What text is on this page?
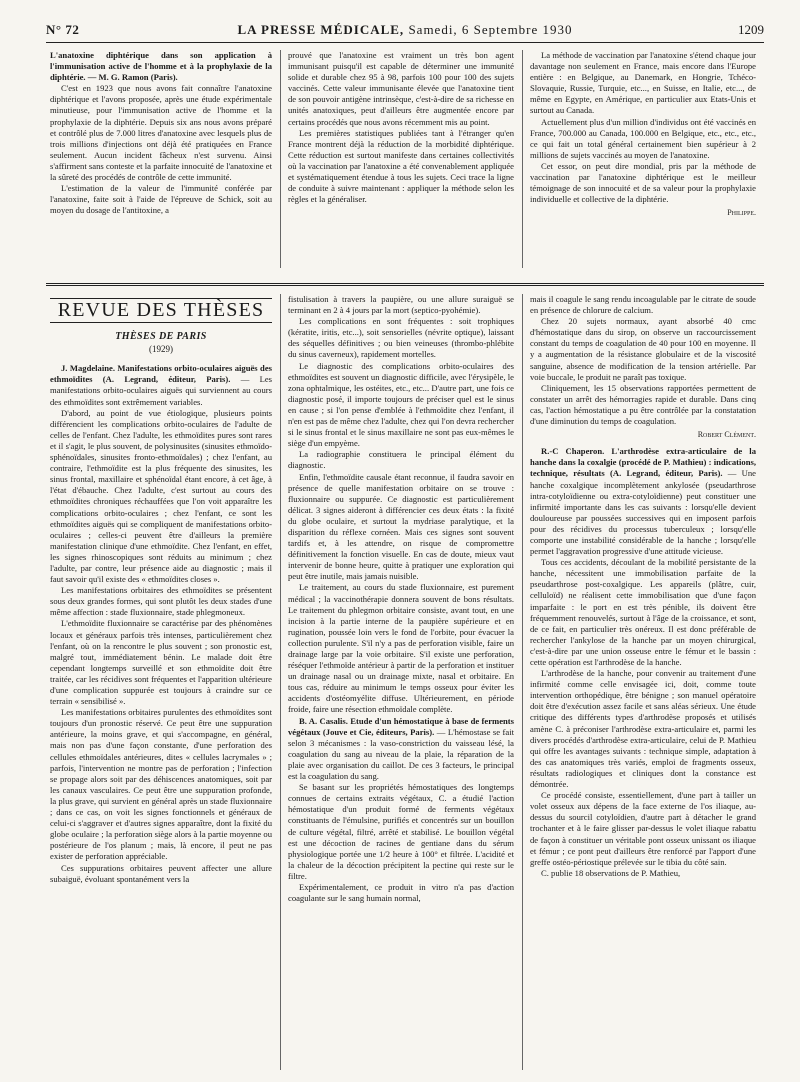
N° 72	LA PRESSE MÉDICALE, Samedi, 6 Septembre 1930	1209

L'anatoxine diphtérique dans son application à l'immunisation active de l'homme et à la prophylaxie de la diphtérie. — M. G. Ramon (Paris).

C'est en 1923 que nous avons fait connaître l'anatoxine diphtérique et l'avons proposée, après une étude expérimentale minutieuse, pour l'immunisation active de l'homme et la prophylaxie de la diphtérie. Depuis six ans nous avons préparé et contrôlé plus de 7.000 litres d'anatoxine avec lesquels plus de trois millions d'injections ont déjà été pratiquées en France seulement. Aucun incident fâcheux n'est survenu. Ainsi s'affirment sans conteste et la parfaite innocuité de l'anatoxine et la sûreté des procédés de contrôle de cette immunité.

L'estimation de la valeur de l'immunité conférée par l'anatoxine, faite soit à l'aide de l'épreuve de Schick, soit au moyen du dosage de l'antitoxine, a

prouvé que l'anatoxine est vraiment un très bon agent immunisant puisqu'il est capable de déterminer une immunité solide et durable chez 95 à 98, parfois 100 pour 100 des sujets vaccinés. Cette valeur immunisante élevée que l'anatoxine tient de son pouvoir antigène intrinsèque, c'est-à-dire de sa richesse en unités anatoxiques, peut d'ailleurs être augmentée encore par certains procédés que nous avons récemment mis au point.

Les premières statistiques publiées tant à l'étranger qu'en France montrent déjà la réduction de la morbidité diphtérique. Cette réduction est surtout manifeste dans certaines collectivités où la vaccination par l'anatoxine a été convenablement appliquée et systématiquement étendue à tous les sujets. Ceci trace la ligne de conduite à suivre maintenant : appliquer la méthode selon les règles et la généraliser.

La méthode de vaccination par l'anatoxine s'étend chaque jour davantage non seulement en France, mais encore dans l'Europe entière : en Belgique, au Danemark, en Hongrie, Tchéco-Slovaquie, Russie, Turquie, etc..., en Suisse, en Italie, etc..., de même en Egypte, en Amérique, en particulier aux Etats-Unis et surtout au Canada.

Actuellement plus d'un million d'individus ont été vaccinés en France, 700.000 au Canada, 100.000 en Belgique, etc., etc., etc., ce qui fait un total général certainement bien supérieur à 2 millions de sujets vaccinés au moyen de l'anatoxine.

Cet essor, on peut dire mondial, pris par la méthode de vaccination par l'anatoxine diphtérique est le meilleur témoignage de son innocuité et de sa valeur pour la prophylaxie individuelle et collective de la diphtérie.

Philippe.
REVUE DES THÈSES
THÈSES DE PARIS
(1929)

J. Magdelaine. Manifestations orbito-oculaires aiguës des ethmoïdites (A. Legrand, éditeur, Paris). — Les manifestations orbito-oculaires aiguës qui surviennent au cours des ethmoïdites sont extrêmement variables.

D'abord, au point de vue étiologique, plusieurs points différencient les complications orbito-oculaires de l'adulte de celles de l'enfant. Chez l'adulte, les ethmoïdites pures sont rares et il s'agit, le plus souvent, de polysinusites (sinusites ethmoïdo-sphénoïdales, sinusites fronto-ethmoïdales) ; chez l'enfant, au contraire, l'ethmoïdite est la plus fréquente des sinusites, les sinus frontal, maxillaire et sphénoïdal étant encore, à cet âge, à l'état d'ébauche. Chez l'adulte, c'est surtout au cours des ethmoïdites chroniques réchauffées que l'on voit apparaître les complications orbito-oculaires ; chez l'enfant, ce sont les ethmoïdites aiguës qui se compliquent de manifestations orbito-oculaires ; celles-ci peuvent être d'ailleurs la première manifestation clinique d'une ethmoïdite. Chez l'enfant, en effet, les signes rhinoscopiques sont réduits au minimum ; chez l'adulte, par contre, leur présence aide au diagnostic ; mais il faut savoir qu'il existe des « ethmoïdites closes ».

Les manifestations orbitaires des ethmoïdites se présentent sous deux grandes formes, qui sont plutôt les deux stades d'une même affection : stade fluxionnaire, stade phlegmoneux.

L'ethmoïdite fluxionnaire se caractérise par des phénomènes locaux et généraux parfois très intenses, particulièrement chez l'enfant, où on la rencontre le plus souvent ; son pronostic est, malgré tout, immédiatement bénin. Le malade doit être cependant longtemps surveillé et son ethmoïdite doit être traitée, car les récidives sont fréquentes et l'apparition ultérieure d'une complication suppurée est toujours à craindre sur ce terrain « sensibilisé ».

Les manifestations orbitaires purulentes des ethmoïdites sont toujours d'un pronostic réservé. Ce peut être une suppuration antérieure, la moins grave, et qui s'accompagne, en général, mais non pas d'une façon constante, d'une perforation des cellules ethmoïdales antérieures, dites « cellules lacrymales » ; parfois, l'intervention ne montre pas de perforation ; l'infection se propage alors soit par des déhiscences anatomiques, soit par les canaux vasculaires. Ce peut être une suppuration profonde, la plus grave, qui survient en général après un stade fluxionnaire ; dans ce cas, on voit les signes fonctionnels et généraux de celui-ci s'aggraver et d'autres signes apparaître, dont la fixité du globe oculaire ; la perforation siège alors à la partie moyenne ou postérieure de l'os planum ; mais, là encore, il peut ne pas exister de perforation appréciable.

Ces suppurations orbitaires peuvent affecter une allure subaiguë, évoluant spontanément vers la

fistulisation à travers la paupière, ou une allure suraiguë se terminant en 2 à 4 jours par la mort (septico-pyohémie).

Les complications en sont fréquentes : soit trophiques (kératite, iritis, etc...), soit sensorielles (névrite optique), laissant des séquelles définitives ; ou bien veineuses (thrombo-phlébite du sinus caverneux), rapidement mortelles.

Le diagnostic des complications orbito-oculaires des ethmoïdites est souvent un diagnostic difficile, avec l'érysipèle, le zona ophtalmique, les ostéites, etc., etc... D'autre part, une fois ce diagnostic posé, il importe toujours de préciser quel est le sinus en cause ; si l'on pense d'emblée à l'ethmoïdite chez l'enfant, il n'en est pas de même chez l'adulte, chez qui l'on devra rechercher si le sinus frontal et le sinus maxillaire ne sont pas eux-mêmes le siège d'un empyème.

La radiographie constituera le principal élément du diagnostic.

Enfin, l'ethmoïdite causale étant reconnue, il faudra savoir en présence de quelle manifestation orbitaire on se trouve : fluxionnaire ou suppurée. Ce diagnostic est particulièrement délicat. 3 signes aideront à différencier ces deux états : la fixité du globe oculaire, et surtout la mydriase paralytique, et la disparition du réflexe cornéen. Mais ces signes sont souvent tardifs et, à les attendre, on risque de compromettre définitivement la fonction visuelle. En cas de doute, mieux vaut intervenir de bonne heure, quitte à pratiquer une exploration qui peut être inutile, mais jamais nuisible.

Le traitement, au cours du stade fluxionnaire, est purement médical ; la vaccinothérapie donnera souvent de bons résultats. Le traitement du phlegmon orbitaire consiste, avant tout, en une incision à la partie interne de la paupière supérieure et en rugination, poussée loin vers le fond de l'orbite, pour évacuer la collection purulente. S'il n'y a pas de perforation visible, faire un drainage large par la voie orbitaire. S'il existe une perforation, réséquer l'ethmoïde antérieur à partir de la perforation et instituer un drainage nasal ou un drainage mixte, nasal et orbitaire. En tous cas, réduire au minimum le temps osseux pour éviter les accidents d'ostéomyélite diffuse. Ultérieurement, en période froide, faire une résection ethmoïdale complète.

B. A. Casalis. Etude d'un hémostatique à base de ferments végétaux (Jouve et Cie, éditeurs, Paris). — L'hémostase se fait selon 3 mécanismes : la vaso-constriction du vaisseau lésé, la coagulation du sang au niveau de la plaie, la réparation de la plaie avec organisation du caillot. De ces 3 facteurs, le principal est la coagulation du sang.

Se basant sur les propriétés hémostatiques des longtemps connues de certains extraits végétaux, C. a étudié l'action hémostatique d'un produit formé de ferments végétaux constituants de l'émulsine, purifiés et concentrés sur un bouillon de culture végétal, filtré, arrêté et stabilisé. Le bouillon végétal est une décoction de racines de gentiane dans du sérum physiologique portée une 1/2 heure à 100° et filtrée. L'acidité et la chaleur de la décoction précipitent la pectine qui reste sur le filtre.

Expérimentalement, ce produit in vitro n'a pas d'action coagulante sur le sang humain normal,

mais il coagule le sang rendu incoagulable par le citrate de soude en présence de chlorure de calcium.

Chez 20 sujets normaux, ayant absorbé 40 cmc d'hémostatique dans du sirop, on observe un raccourcissement constant du temps de coagulation de 40 pour 100 en moyenne. Il y a augmentation de la résistance globulaire et de la viscosité sanguine, absence de modification de la tension artérielle. Par voie buccale, le produit ne paraît pas toxique.

Cliniquement, les 15 observations rapportées permettent de constater un arrêt des hémorragies rapide et durable. Dans cinq cas, l'action hémostatique a pu être contrôlée par la constatation d'une diminution du temps de coagulation.

Robert Clément.

R.-C Chaperon. L'arthrodèse extra-articulaire de la hanche dans la coxalgie (procédé de P. Mathieu) : indications, technique, résultats (A. Legrand, éditeur, Paris). — Une hanche coxalgique incomplètement ankylosée (pseudarthrose intra-cotyloïdienne ou extra-cotyloïdienne) peut constituer une infirmité importante dans les cas suivants : lorsqu'elle devient douloureuse par poussées successives qui en imposent parfois pour des récidives du processus tuberculeux ; lorsqu'elle comporte une instabilité considérable de la hanche ; lorsqu'elle permet l'aggravation progressive d'une attitude vicieuse.

Tous ces accidents, découlant de la mobilité persistante de la hanche, nécessitent une immobilisation parfaite de la pseudarthrose post-coxalgique. Les appareils (plâtre, cuir, celluloïd) ne réalisent cette immobilisation que d'une façon imparfaite : le port en est très pénible, ils doivent être fréquemment renouvelés, surtout à l'âge de la croissance, et sont, de ce fait, en particulier très onéreux. Il est donc préférable de rechercher l'ankylose de la hanche par un moyen chirurgical, c'est-à-dire par une union osseuse entre le fémur et le bassin : cette opération est l'arthrodèse de la hanche.

L'arthrodèse de la hanche, pour convenir au traitement d'une infirmité comme celle envisagée ici, doit, comme toute intervention orthopédique, être bénigne ; son manuel opératoire doit être d'exécution assez facile et sans aléas sérieux. Une étude critique des différents types d'arthrodèse proposés et utilisés amène C. à préconiser l'arthrodèse extra-articulaire et, parmi les divers procédés d'arthrodèse extra-articulaire, celui de P. Mathieu qui offre les avantages suivants : technique simple, adaptation à des cas anatomiques très variés, emploi de fragments osseux, résultats radiologiques et cliniques dont la constance est démontrée.

Ce procédé consiste, essentiellement, d'une part à tailler un volet osseux aux dépens de la face externe de l'os iliaque, au-dessus du sourcil cotyloïdien, d'autre part à détacher le grand trochanter et à le faire glisser par-dessus le volet iliaque rabattu de façon à constituer un véritable pont osseux unissant os iliaque et fémur ; ce pont peut d'ailleurs être renforcé par l'apport d'une greffe ostéo-périostique prélevée sur le tibia du côté sain.

C. publie 18 observations de P. Mathieu,
